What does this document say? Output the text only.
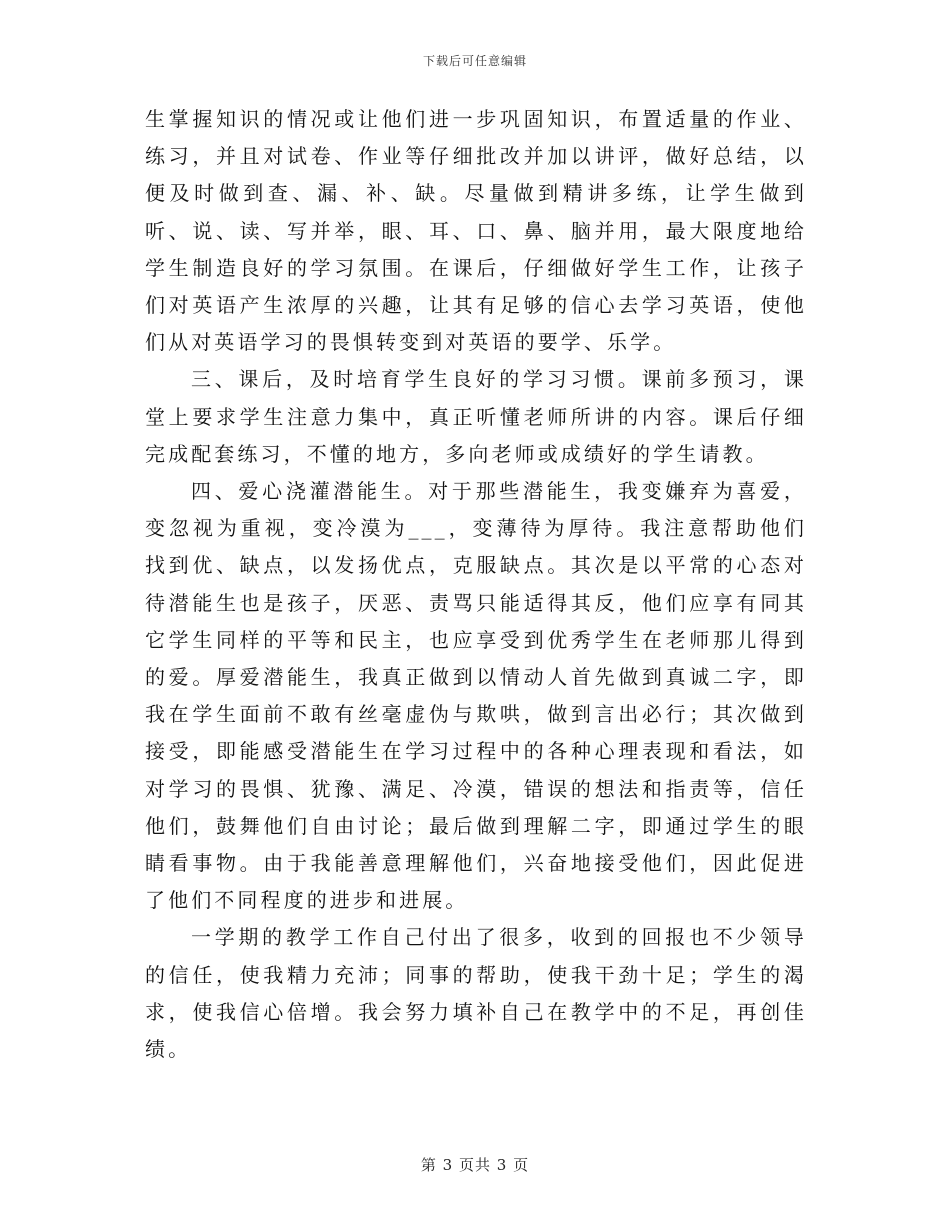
下载后可任意编辑

生掌握知识的情况或让他们进一步巩固知识，布置适量的作业、练习，并且对试卷、作业等仔细批改并加以讲评，做好总结，以便及时做到查、漏、补、缺。尽量做到精讲多练，让学生做到听、说、读、写并举，眼、耳、口、鼻、脑并用，最大限度地给学生制造良好的学习氛围。在课后，仔细做好学生工作，让孩子们对英语产生浓厚的兴趣，让其有足够的信心去学习英语，使他们从对英语学习的畏惧转变到对英语的要学、乐学。

三、课后，及时培育学生良好的学习习惯。课前多预习，课堂上要求学生注意力集中，真正听懂老师所讲的内容。课后仔细完成配套练习，不懂的地方，多向老师或成绩好的学生请教。

四、爱心浇灌潜能生。对于那些潜能生，我变嫌弃为喜爱，变忽视为重视，变冷漠为___，变薄待为厚待。我注意帮助他们找到优、缺点，以发扬优点，克服缺点。其次是以平常的心态对待潜能生也是孩子，厌恶、责骂只能适得其反，他们应享有同其它学生同样的平等和民主，也应享受到优秀学生在老师那儿得到的爱。厚爱潜能生，我真正做到以情动人首先做到真诚二字，即我在学生面前不敢有丝毫虚伪与欺哄，做到言出必行；其次做到接受，即能感受潜能生在学习过程中的各种心理表现和看法，如对学习的畏惧、犹豫、满足、冷漠，错误的想法和指责等，信任他们，鼓舞他们自由讨论；最后做到理解二字，即通过学生的眼睛看事物。由于我能善意理解他们，兴奋地接受他们，因此促进了他们不同程度的进步和进展。

一学期的教学工作自己付出了很多，收到的回报也不少领导的信任，使我精力充沛；同事的帮助，使我干劲十足；学生的渴求，使我信心倍增。我会努力填补自己在教学中的不足，再创佳绩。

第 3 页共 3 页
